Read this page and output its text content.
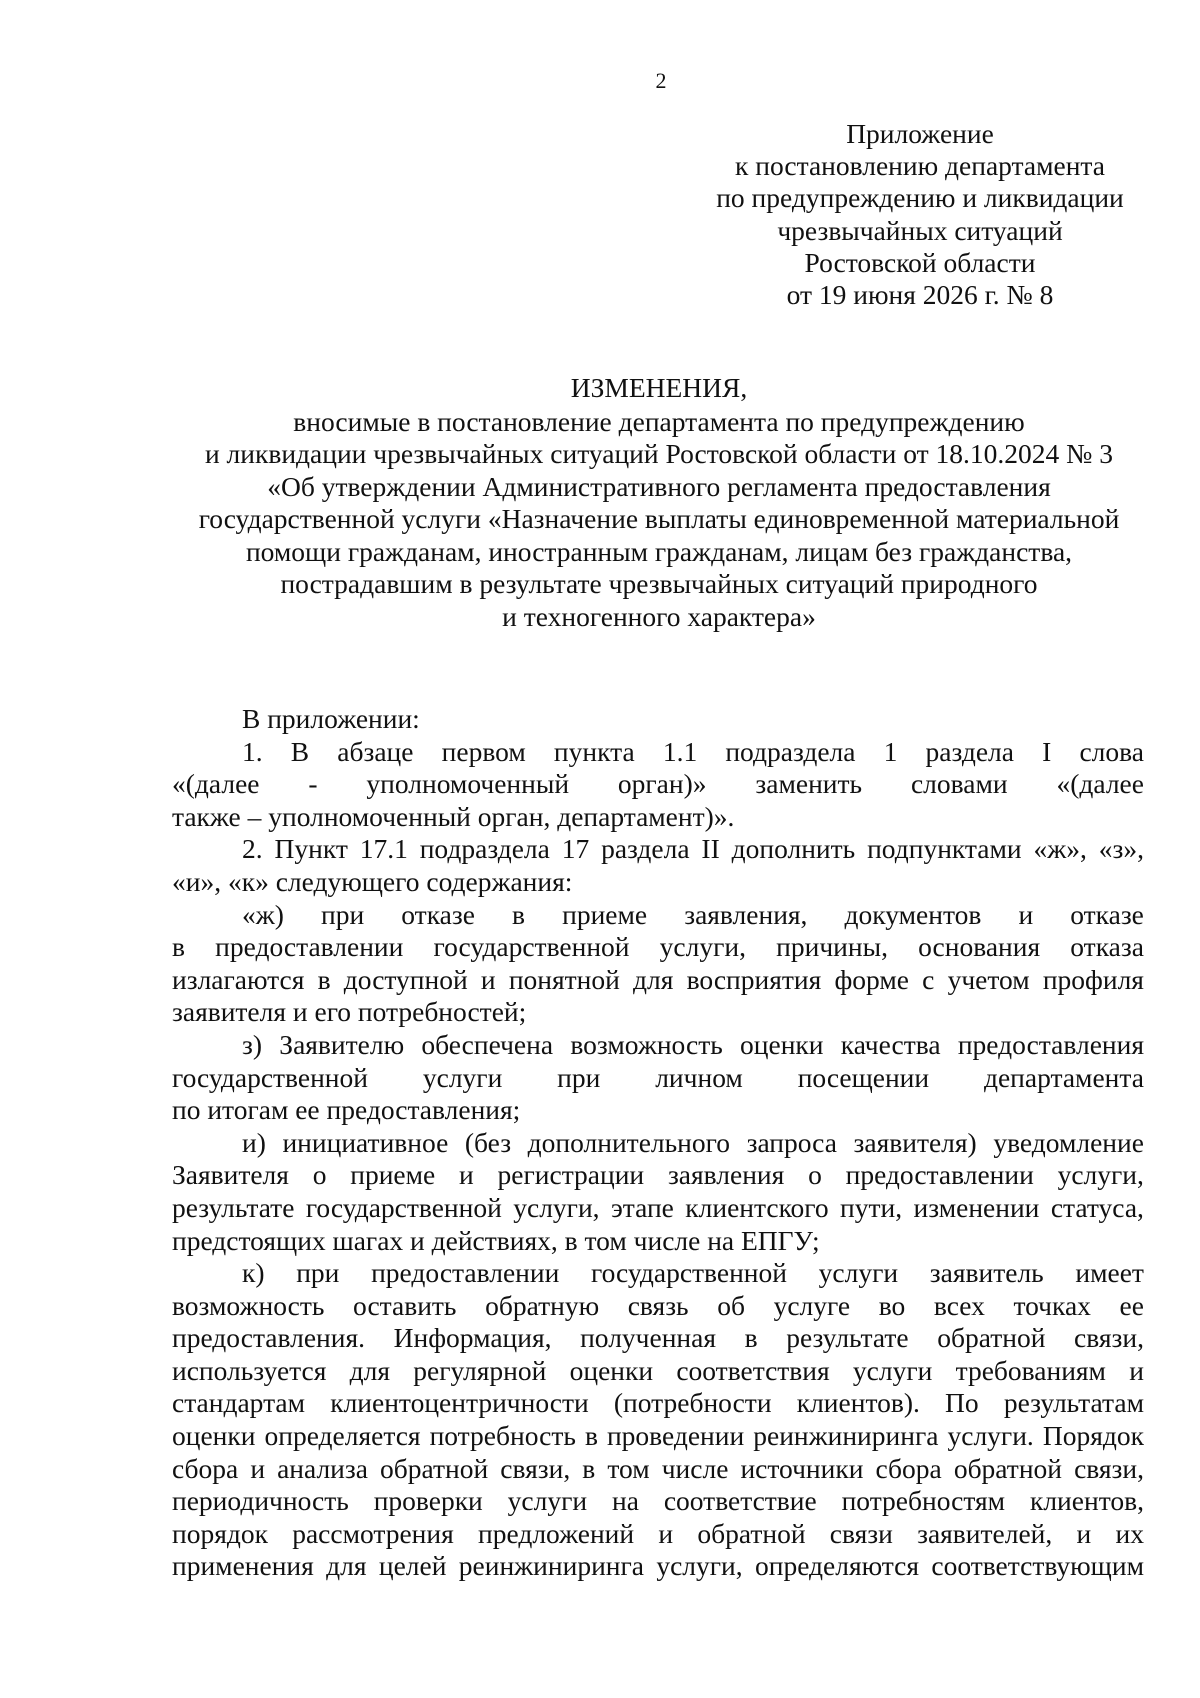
2
Приложение
к постановлению департамента
по предупреждению и ликвидации
чрезвычайных ситуаций
Ростовской области
от 19 июня 2026 г. № 8
ИЗМЕНЕНИЯ,
вносимые в постановление департамента по предупреждению
и ликвидации чрезвычайных ситуаций Ростовской области от 18.10.2024 № 3
«Об утверждении Административного регламента предоставления
государственной услуги «Назначение выплаты единовременной материальной
помощи гражданам, иностранным гражданам, лицам без гражданства,
пострадавшим в результате чрезвычайных ситуаций природного
и техногенного характера»
В приложении:
1. В абзаце первом пункта 1.1 подраздела 1 раздела I слова
«(далее - уполномоченный орган)» заменить словами «(далее
также – уполномоченный орган, департамент)».
2. Пункт 17.1 подраздела 17 раздела II дополнить подпунктами «ж», «з»,
«и», «к» следующего содержания:
«ж) при отказе в приеме заявления, документов и отказе
в предоставлении государственной услуги, причины, основания отказа
излагаются в доступной и понятной для восприятия форме с учетом профиля
заявителя и его потребностей;
з) Заявителю обеспечена возможность оценки качества предоставления
государственной услуги при личном посещении департамента
по итогам ее предоставления;
и) инициативное (без дополнительного запроса заявителя) уведомление
Заявителя о приеме и регистрации заявления о предоставлении услуги,
результате государственной услуги, этапе клиентского пути, изменении статуса,
предстоящих шагах и действиях, в том числе на ЕПГУ;
к) при предоставлении государственной услуги заявитель имеет
возможность оставить обратную связь об услуге во всех точках ее
предоставления. Информация, полученная в результате обратной связи,
используется для регулярной оценки соответствия услуги требованиям и
стандартам клиентоцентричности (потребности клиентов). По результатам
оценки определяется потребность в проведении реинжиниринга услуги. Порядок
сбора и анализа обратной связи, в том числе источники сбора обратной связи,
периодичность проверки услуги на соответствие потребностям клиентов,
порядок рассмотрения предложений и обратной связи заявителей, и их
применения для целей реинжиниринга услуги, определяются соответствующим
